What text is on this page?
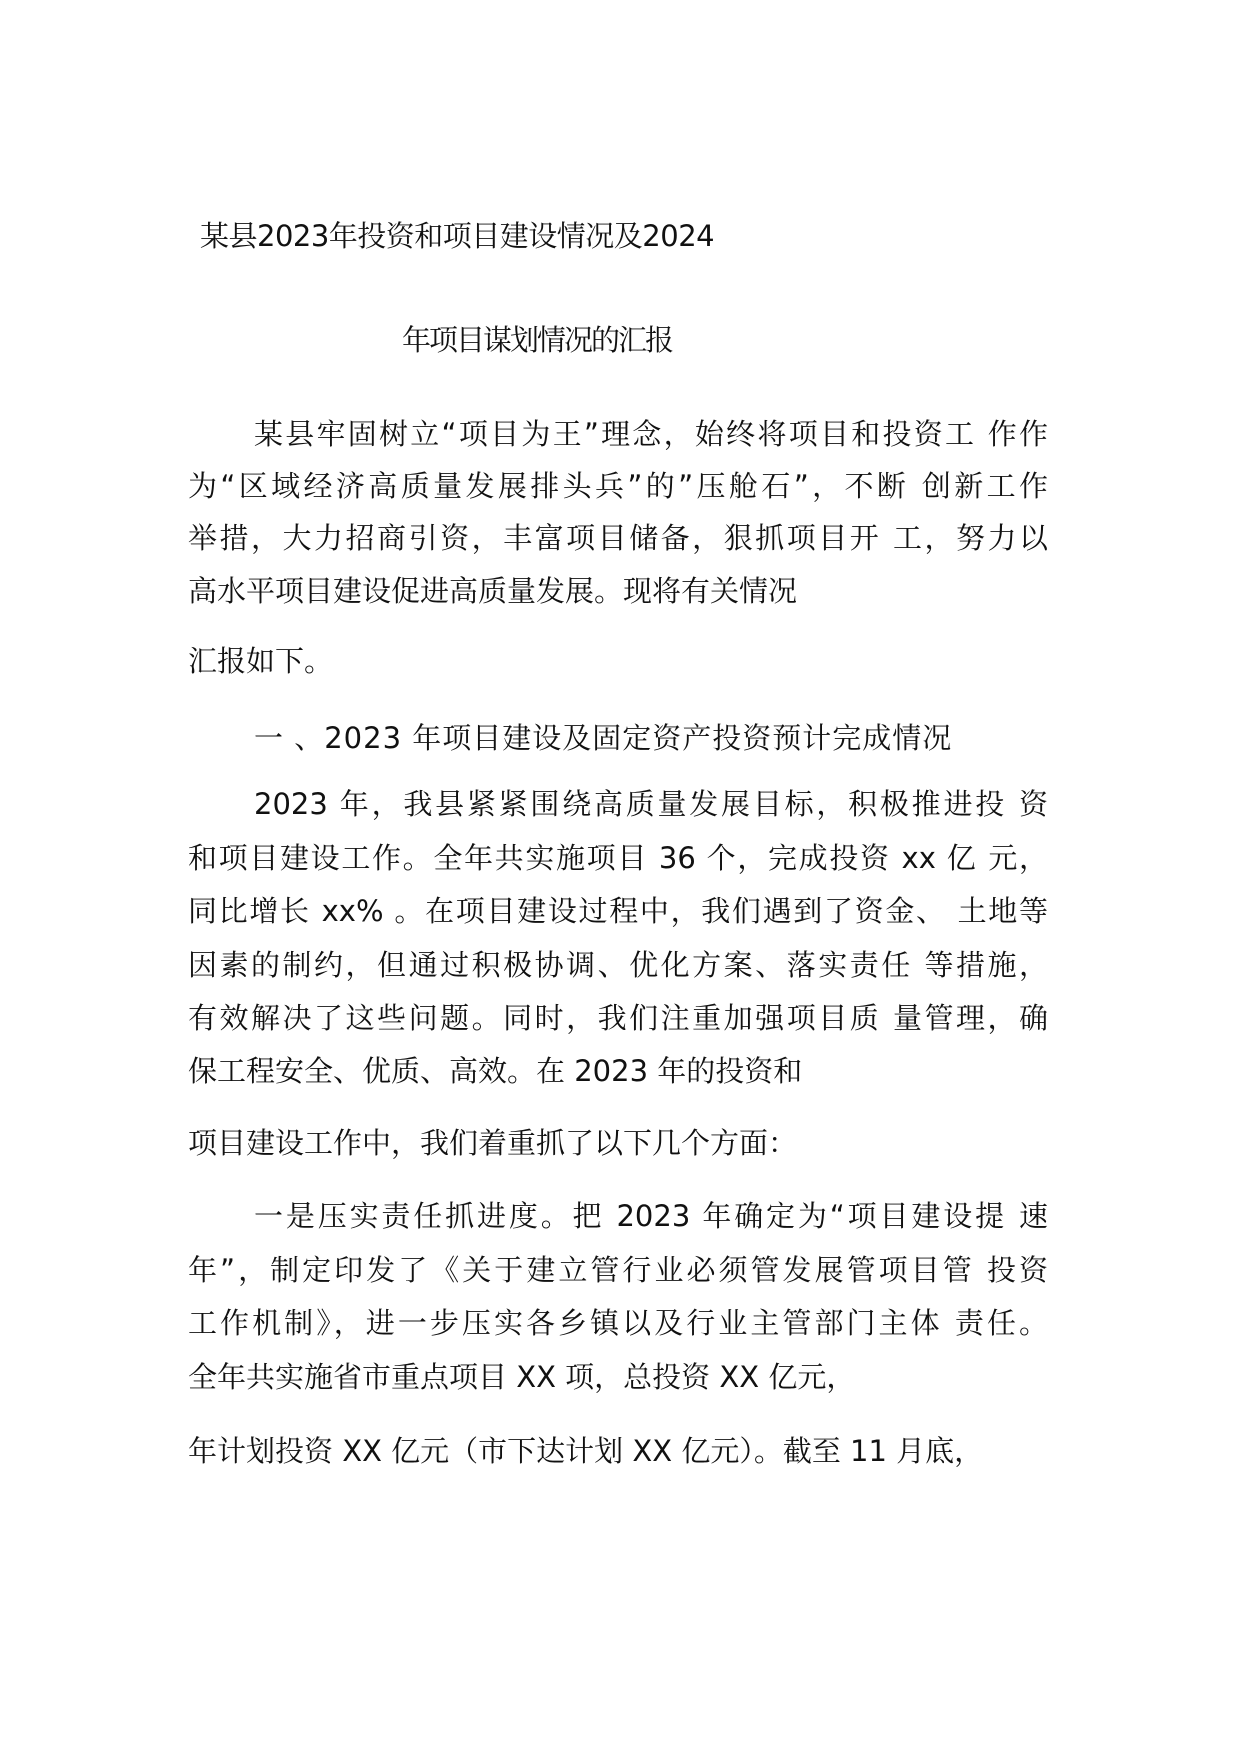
某县2023年投资和项目建设情况及2024
年项目谋划情况的汇报
某县牢固树立“项目为王”理念，始终将项目和投资工 作作
为“区域经济高质量发展排头兵”的”压舱石”，不断 创新工作
举措，大力招商引资，丰富项目储备，狠抓项目开 工，努力以
高水平项目建设促进高质量发展。现将有关情况
汇报如下。
一 、2023 年项目建设及固定资产投资预计完成情况
2023 年，我县紧紧围绕高质量发展目标，积极推进投 资
和项目建设工作。全年共实施项目 36 个，完成投资 xx 亿 元，
同比增长 xx% 。在项目建设过程中，我们遇到了资金、 土地等
因素的制约，但通过积极协调、优化方案、落实责任 等措施，
有效解决了这些问题。同时，我们注重加强项目质 量管理，确
保工程安全、优质、高效。在 2023 年的投资和
项目建设工作中，我们着重抓了以下几个方面：
一是压实责任抓进度。把 2023 年确定为“项目建设提 速
年”，制定印发了《关于建立管行业必须管发展管项目管 投资
工作机制》，进一步压实各乡镇以及行业主管部门主体 责任。
全年共实施省市重点项目 XX 项，总投资 XX 亿元，
年计划投资 XX 亿元（市下达计划 XX 亿元）。截至 11 月底，
